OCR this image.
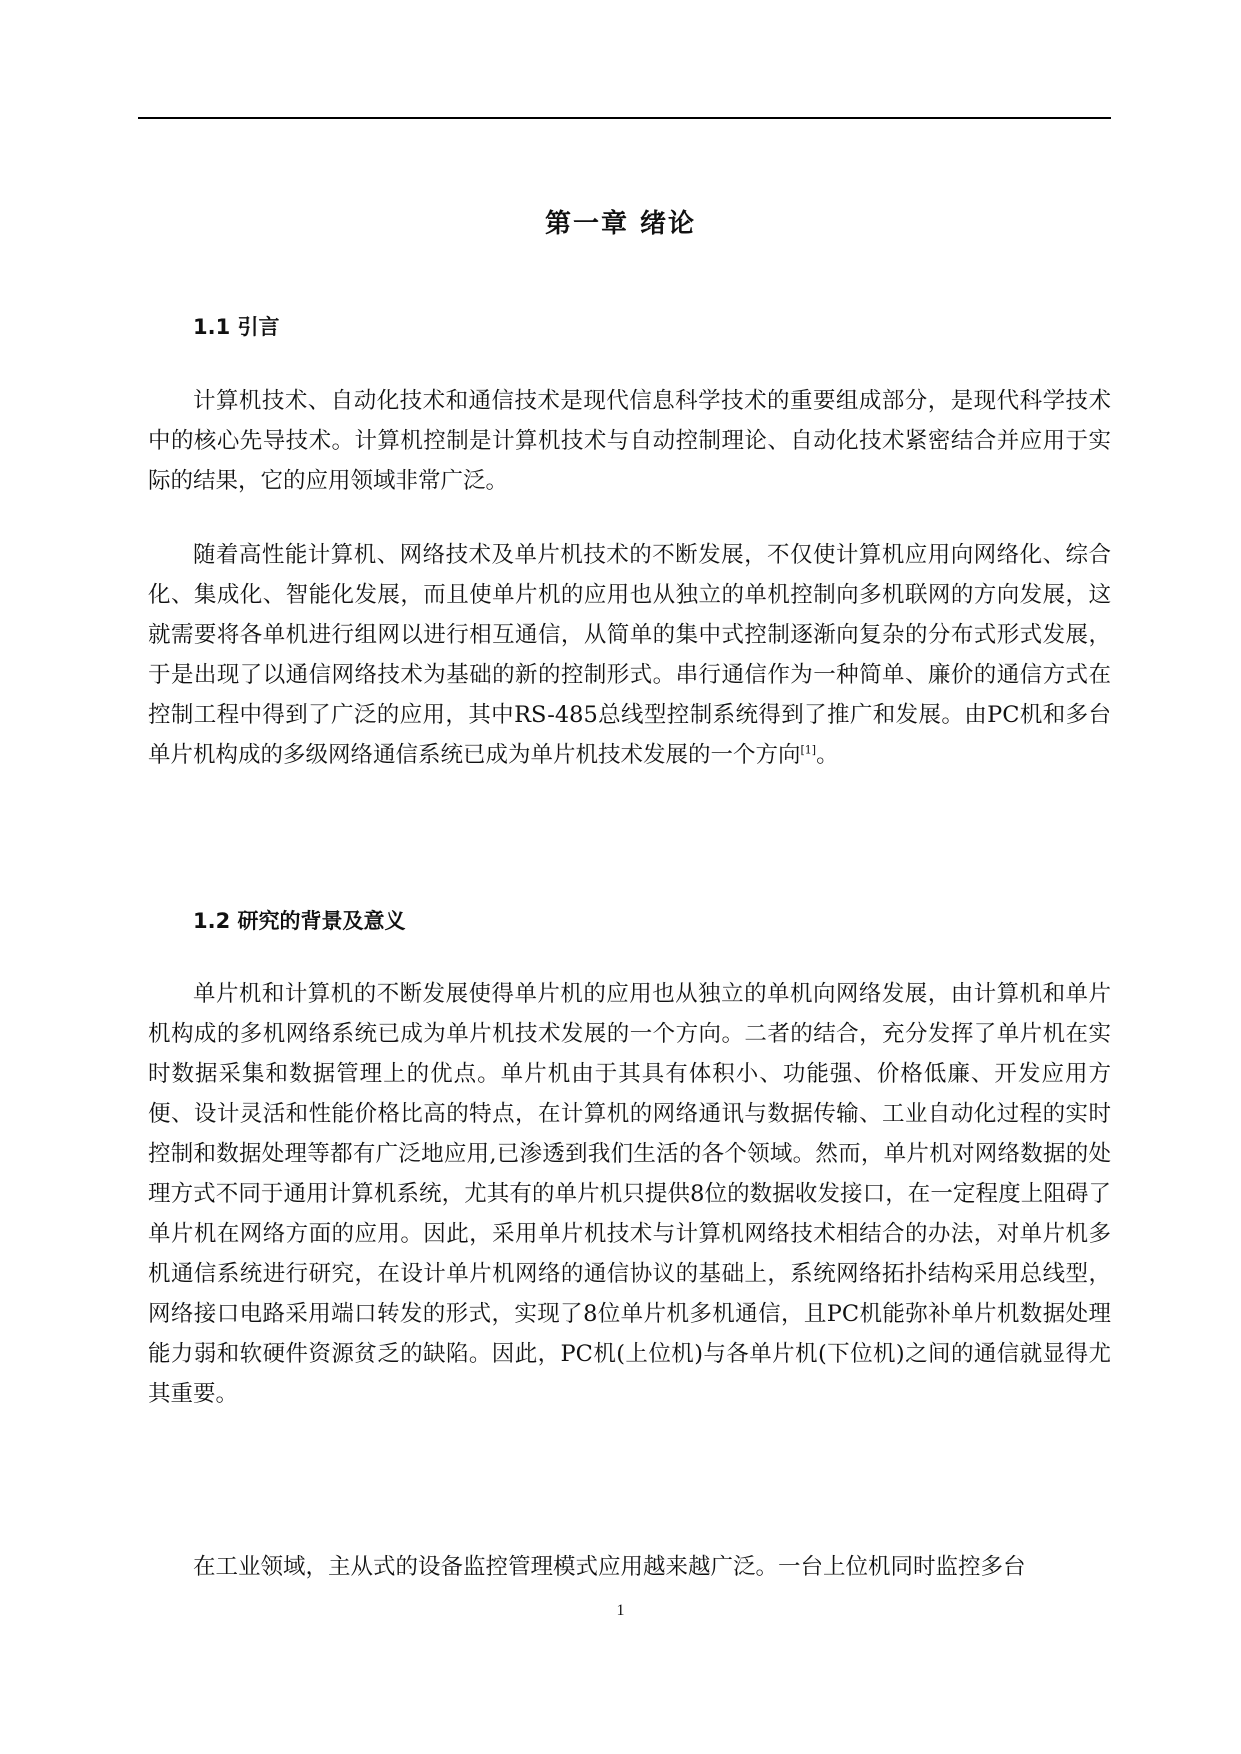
第一章 绪论
1.1 引言

计算机技术、自动化技术和通信技术是现代信息科学技术的重要组成部分，是现代科学技术中的核心先导技术。计算机控制是计算机技术与自动控制理论、自动化技术紧密结合并应用于实际的结果，它的应用领域非常广泛。

随着高性能计算机、网络技术及单片机技术的不断发展，不仅使计算机应用向网络化、综合化、集成化、智能化发展，而且使单片机的应用也从独立的单机控制向多机联网的方向发展，这就需要将各单机进行组网以进行相互通信，从简单的集中式控制逐渐向复杂的分布式形式发展，于是出现了以通信网络技术为基础的新的控制形式。串行通信作为一种简单、廉价的通信方式在控制工程中得到了广泛的应用，其中RS-485总线型控制系统得到了推广和发展。由PC机和多台单片机构成的多级网络通信系统已成为单片机技术发展的一个方向[1]。

1.2 研究的背景及意义

单片机和计算机的不断发展使得单片机的应用也从独立的单机向网络发展，由计算机和单片机构成的多机网络系统已成为单片机技术发展的一个方向。二者的结合，充分发挥了单片机在实时数据采集和数据管理上的优点。单片机由于其具有体积小、功能强、价格低廉、开发应用方便、设计灵活和性能价格比高的特点，在计算机的网络通讯与数据传输、工业自动化过程的实时控制和数据处理等都有广泛地应用,已渗透到我们生活的各个领域。然而，单片机对网络数据的处理方式不同于通用计算机系统，尤其有的单片机只提供8位的数据收发接口，在一定程度上阻碍了单片机在网络方面的应用。因此，采用单片机技术与计算机网络技术相结合的办法，对单片机多机通信系统进行研究，在设计单片机网络的通信协议的基础上，系统网络拓扑结构采用总线型，网络接口电路采用端口转发的形式，实现了8位单片机多机通信，且PC机能弥补单片机数据处理能力弱和软硬件资源贫乏的缺陷。因此，PC机(上位机)与各单片机(下位机)之间的通信就显得尤其重要。

在工业领域，主从式的设备监控管理模式应用越来越广泛。一台上位机同时监控多台

1
